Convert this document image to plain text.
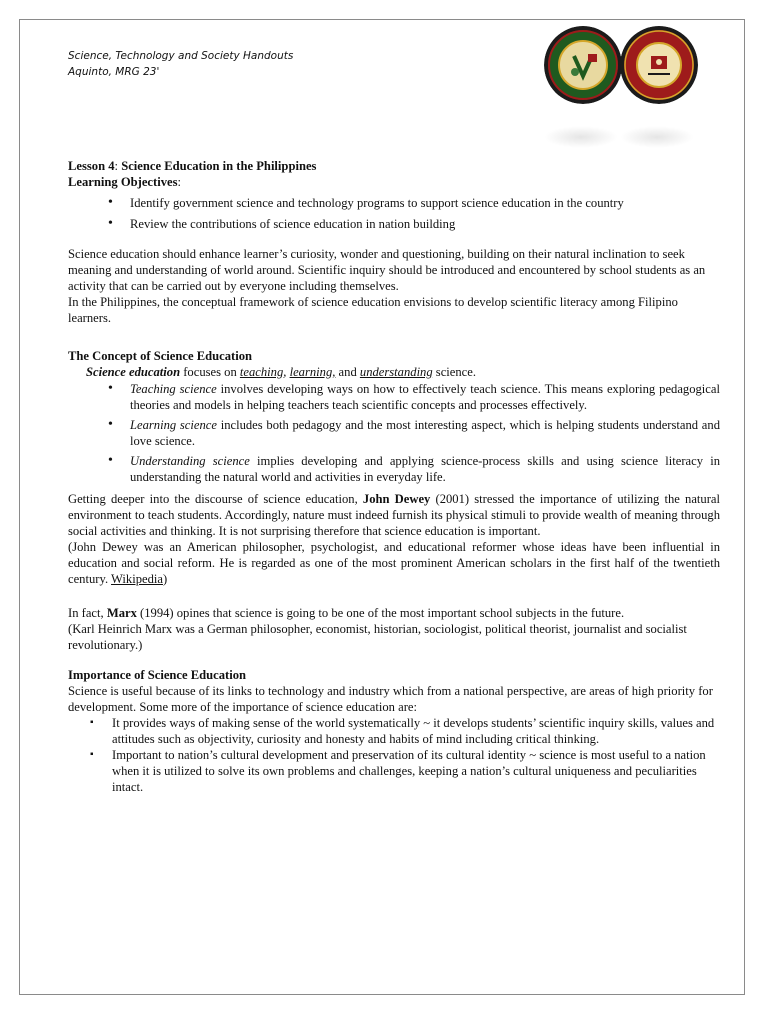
Science, Technology and Society Handouts
Aquinto, MRG 23'

Lesson 4: Science Education in the Philippines

Learning Objectives:

• Identify government science and technology programs to support science education in the country
• Review the contributions of science education in nation building

Science education should enhance learner’s curiosity, wonder and questioning, building on their natural inclination to seek meaning and understanding of world around. Scientific inquiry should be introduced and encountered by school students as an activity that can be carried out by everyone including themselves.

In the Philippines, the conceptual framework of science education envisions to develop scientific literacy among Filipino learners.

The Concept of Science Education

Science education focuses on teaching, learning, and understanding science.

• Teaching science involves developing ways on how to effectively teach science. This means exploring pedagogical theories and models in helping teachers teach scientific concepts and processes effectively.
• Learning science includes both pedagogy and the most interesting aspect, which is helping students understand and love science.
• Understanding science implies developing and applying science-process skills and using science literacy in understanding the natural world and activities in everyday life.

Getting deeper into the discourse of science education, John Dewey (2001) stressed the importance of utilizing the natural environment to teach students. Accordingly, nature must indeed furnish its physical stimuli to provide wealth of meaning through social activities and thinking. It is not surprising therefore that science education is important.

(John Dewey was an American philosopher, psychologist, and educational reformer whose ideas have been influential in education and social reform. He is regarded as one of the most prominent American scholars in the first half of the twentieth century. Wikipedia)

In fact, Marx (1994) opines that science is going to be one of the most important school subjects in the future.

(Karl Heinrich Marx was a German philosopher, economist, historian, sociologist, political theorist, journalist and socialist revolutionary.)

Importance of Science Education

Science is useful because of its links to technology and industry which from a national perspective, are areas of high priority for development. Some more of the importance of science education are:

▪ It provides ways of making sense of the world systematically ~ it develops students’ scientific inquiry skills, values and attitudes such as objectivity, curiosity and honesty and habits of mind including critical thinking.
▪ Important to nation’s cultural development and preservation of its cultural identity ~ science is most useful to a nation when it is utilized to solve its own problems and challenges, keeping a nation’s cultural uniqueness and peculiarities intact.
